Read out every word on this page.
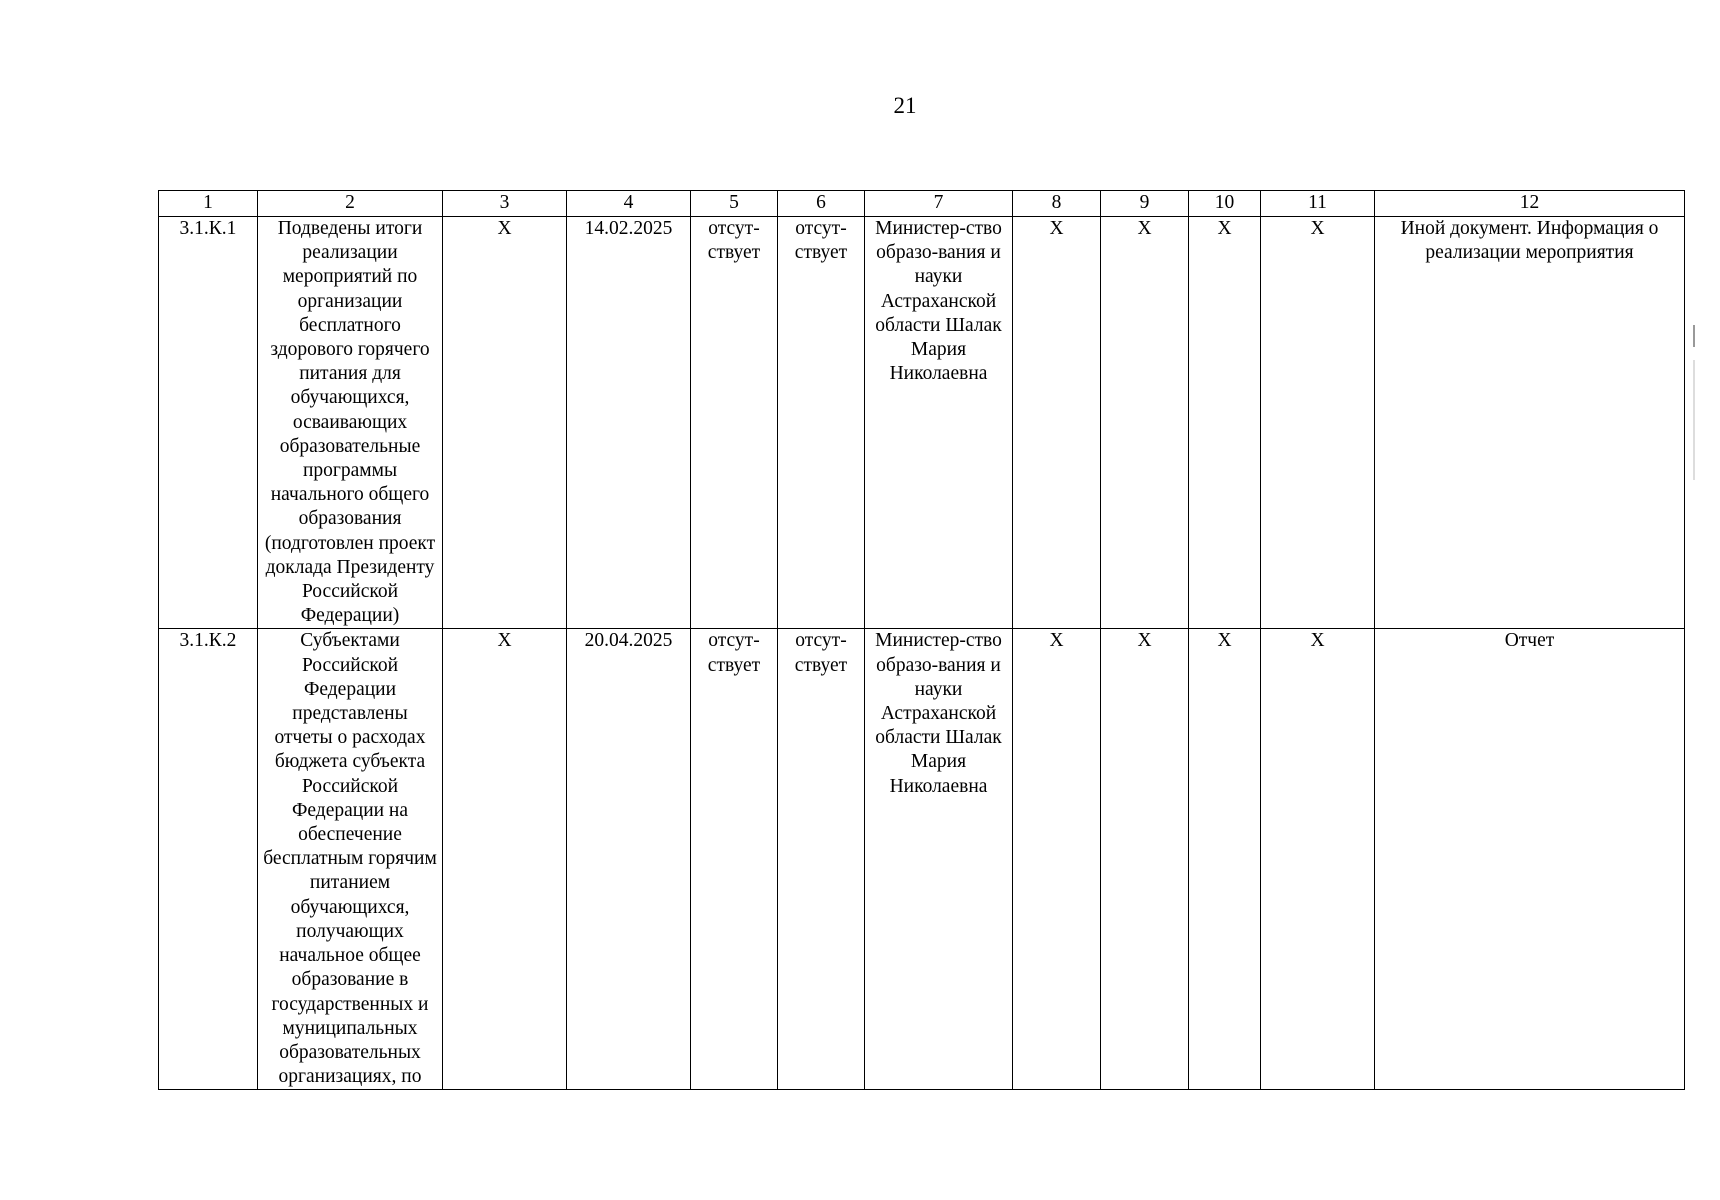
21
1	2	3	4	5	6	7	8	9	10	11	12
3.1.К.1	Подведены итоги реализации мероприятий по организации бесплатного здорового горячего питания для обучающихся, осваивающих образовательные программы начального общего образования (подготовлен проект доклада Президенту Российской Федерации)	Х	14.02.2025	отсут-ствует	отсут-ствует	Министер-ство образо-вания и науки Астраханской области Шалак Мария Николаевна	Х	Х	Х	Х	Иной документ. Информация о реализации мероприятия
3.1.К.2	Субъектами Российской Федерации представлены отчеты о расходах бюджета субъекта Российской Федерации на обеспечение бесплатным горячим питанием обучающихся, получающих начальное общее образование в государственных и муниципальных образовательных организациях, по	Х	20.04.2025	отсут-ствует	отсут-ствует	Министер-ство образо-вания и науки Астраханской области Шалак Мария Николаевна	Х	Х	Х	Х	Отчет
